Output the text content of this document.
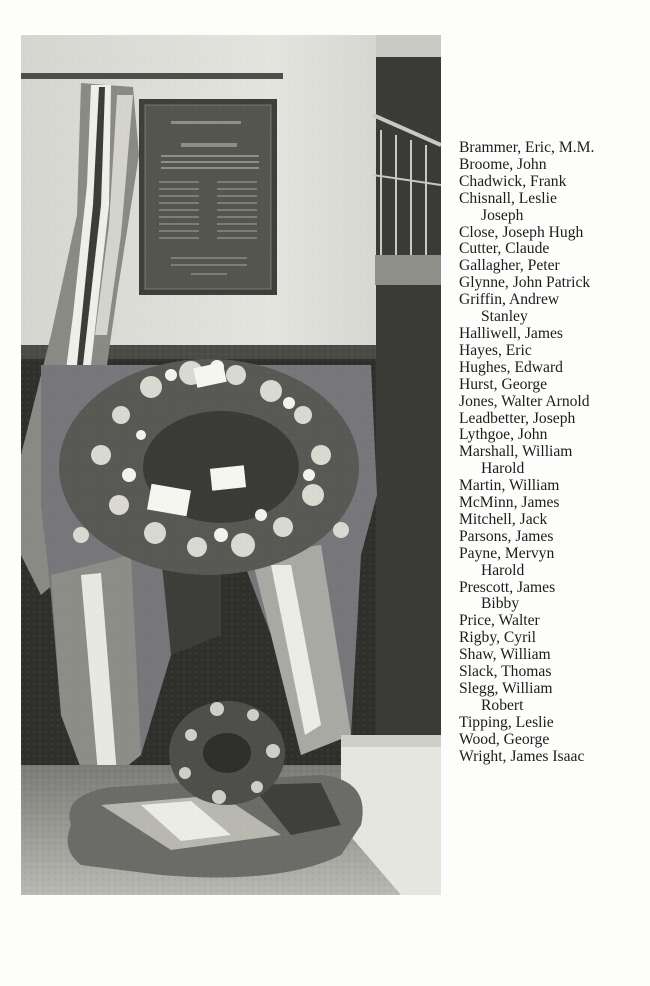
Brammer, Eric, M.M.
Broome, John
Chadwick, Frank
Chisnall, Leslie
Joseph
Close, Joseph Hugh
Cutter, Claude
Gallagher, Peter
Glynne, John Patrick
Griffin, Andrew
Stanley
Halliwell, James
Hayes, Eric
Hughes, Edward
Hurst, George
Jones, Walter Arnold
Leadbetter, Joseph
Lythgoe, John
Marshall, William
Harold
Martin, William
McMinn, James
Mitchell, Jack
Parsons, James
Payne, Mervyn
Harold
Prescott, James
Bibby
Price, Walter
Rigby, Cyril
Shaw, William
Slack, Thomas
Slegg, William
Robert
Tipping, Leslie
Wood, George
Wright, James Isaac
